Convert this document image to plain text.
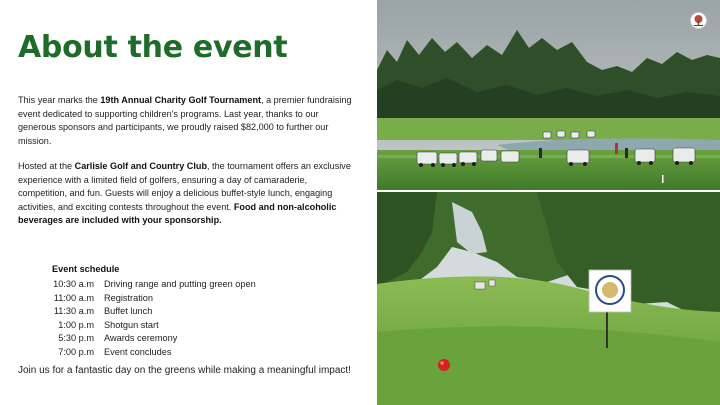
About the event

This year marks the 19th Annual Charity Golf Tournament, a premier fundraising event dedicated to supporting children's programs. Last year, thanks to our generous sponsors and participants, we proudly raised $82,000 to further our mission.

Hosted at the Carlisle Golf and Country Club, the tournament offers an exclusive experience with a limited field of golfers, ensuring a day of camaraderie, competition, and fun. Guests will enjoy a delicious buffet-style lunch, engaging activities, and exciting contests throughout the event. Food and non-alcoholic beverages are included with your sponsorship.

Event schedule
10:30 a.m	Driving range and putting green open
11:00 a.m	Registration
11:30 a.m	Buffet lunch
1:00 p.m	Shotgun start
5:30 p.m	Awards ceremony
7:00 p.m	Event concludes

Join us for a fantastic day on the greens while making a meaningful impact!
